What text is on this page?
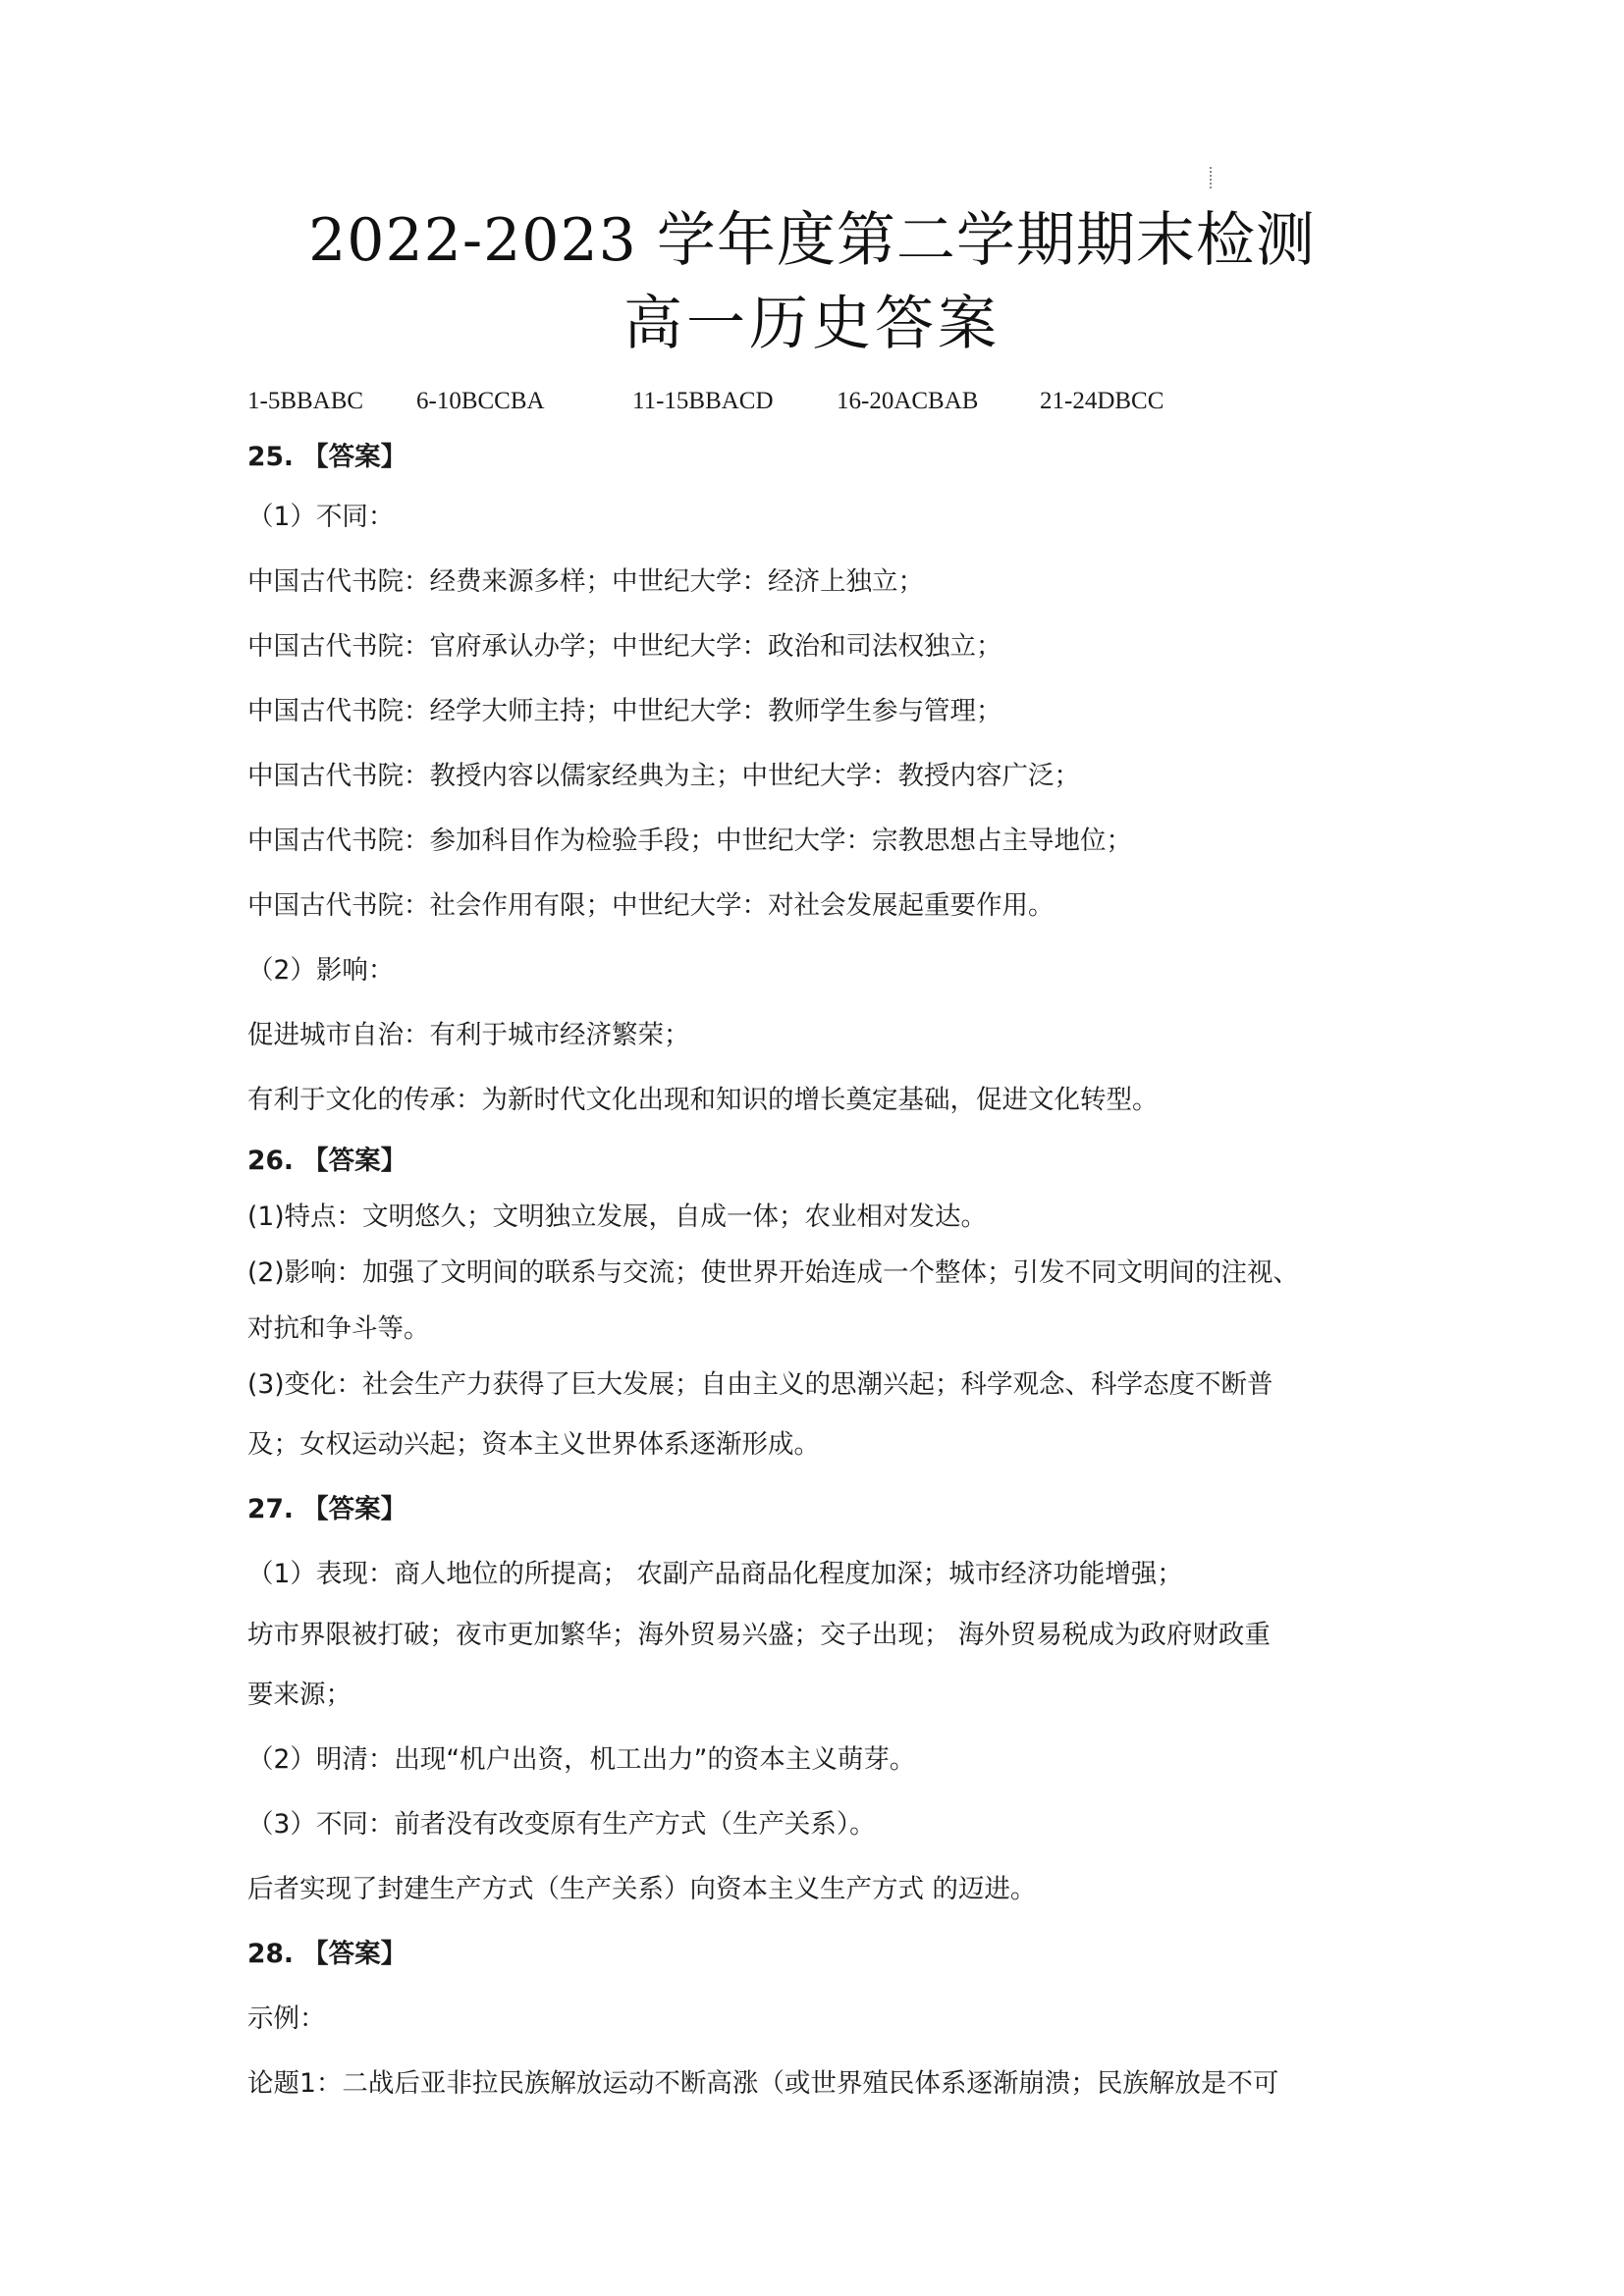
2022-2023 学年度第二学期期末检测
高一历史答案
1-5BBABC	6-10BCCBA	11-15BBACD	16-20ACBAB	21-24DBCC
25. 【答案】
（1）不同：
中国古代书院：经费来源多样；中世纪大学：经济上独立；
中国古代书院：官府承认办学；中世纪大学：政治和司法权独立；
中国古代书院：经学大师主持；中世纪大学：教师学生参与管理；
中国古代书院：教授内容以儒家经典为主；中世纪大学：教授内容广泛；
中国古代书院：参加科目作为检验手段；中世纪大学：宗教思想占主导地位；
中国古代书院：社会作用有限；中世纪大学：对社会发展起重要作用。
（2）影响：
促进城市自治：有利于城市经济繁荣；
有利于文化的传承：为新时代文化出现和知识的增长奠定基础，促进文化转型。
26. 【答案】
(1)特点：文明悠久；文明独立发展，自成一体；农业相对发达。
(2)影响：加强了文明间的联系与交流；使世界开始连成一个整体；引发不同文明间的注视、
对抗和争斗等。
(3)变化：社会生产力获得了巨大发展；自由主义的思潮兴起；科学观念、科学态度不断普
及；女权运动兴起；资本主义世界体系逐渐形成。
27. 【答案】
（1）表现：商人地位的所提高； 农副产品商品化程度加深；城市经济功能增强；
坊市界限被打破；夜市更加繁华；海外贸易兴盛；交子出现； 海外贸易税成为政府财政重
要来源；
（2）明清：出现“机户出资，机工出力”的资本主义萌芽。
（3）不同：前者没有改变原有生产方式（生产关系）。
后者实现了封建生产方式（生产关系）向资本主义生产方式 的迈进。
28. 【答案】
示例：
论题1：二战后亚非拉民族解放运动不断高涨（或世界殖民体系逐渐崩溃；民族解放是不可
